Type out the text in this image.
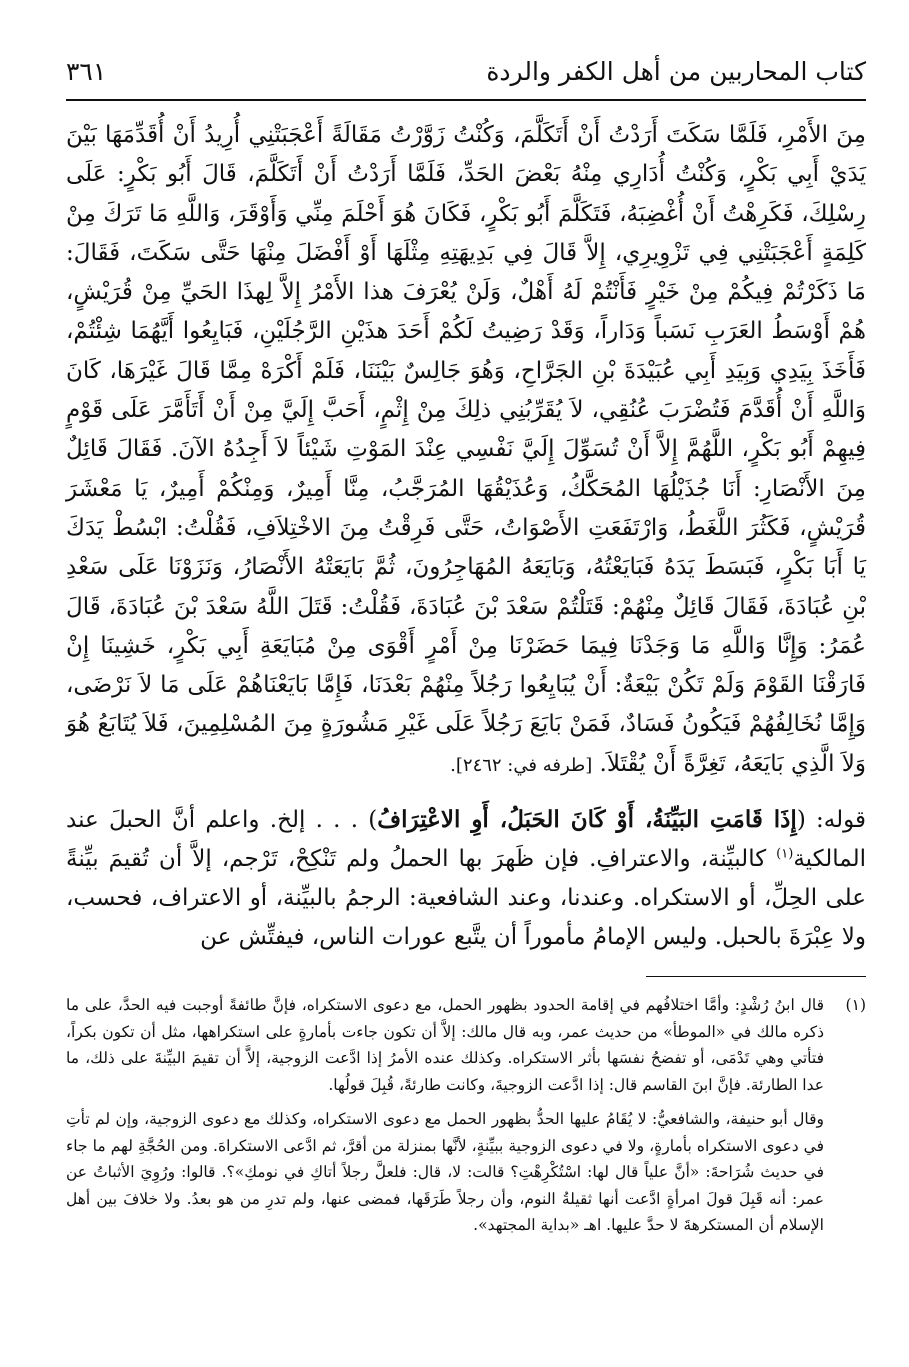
كتاب المحاربين من أهل الكفر والردة
٣٦١

مِنَ الأَمْرِ، فَلَمَّا سَكَتَ أَرَدْتُ أَنْ أَتَكَلَّمَ، وَكُنْتُ زَوَّرْتُ مَقَالَةً أَعْجَبَتْنِي أُرِيدُ أَنْ أُقَدِّمَهَا بَيْنَ يَدَيْ أَبِي بَكْرٍ، وَكُنْتُ أُدَارِي مِنْهُ بَعْضَ الحَدِّ، فَلَمَّا أَرَدْتُ أَنْ أَتَكَلَّمَ، قَالَ أَبُو بَكْرٍ: عَلَى رِسْلِكَ، فَكَرِهْتُ أَنْ أُغْضِبَهُ، فَتَكَلَّمَ أَبُو بَكْرٍ، فَكَانَ هُوَ أَحْلَمَ مِنِّي وَأَوْقَرَ، وَاللَّهِ مَا تَرَكَ مِنْ كَلِمَةٍ أَعْجَبَتْنِي فِي تَزْوِيرِي، إِلاَّ قَالَ فِي بَدِيهَتِهِ مِثْلَهَا أَوْ أَفْضَلَ مِنْهَا حَتَّى سَكَتَ، فَقَالَ: مَا ذَكَرْتُمْ فِيكُمْ مِنْ خَيْرٍ فَأَنْتُمْ لَهُ أَهْلٌ، وَلَنْ يُعْرَفَ هذا الأَمْرُ إِلاَّ لِهذَا الحَيِّ مِنْ قُرَيْشٍ، هُمْ أَوْسَطُ العَرَبِ نَسَباً وَدَاراً، وَقَدْ رَضِيتُ لَكُمْ أَحَدَ هذَيْنِ الرَّجُلَيْنِ، فَبَايِعُوا أَيَّهُمَا شِئْتُمْ، فَأَخَذَ بِيَدِي وَبِيَدِ أَبِي عُبَيْدَةَ بْنِ الجَرَّاحِ، وَهُوَ جَالِسٌ بَيْنَنَا، فَلَمْ أَكْرَهْ مِمَّا قَالَ غَيْرَهَا، كَانَ وَاللَّهِ أَنْ أُقَدَّمَ فَتُضْرَبَ عُنُقِي، لاَ يُقَرِّبُنِي ذلِكَ مِنْ إِثْمٍ، أَحَبَّ إِلَيَّ مِنْ أَنْ أَتَأَمَّرَ عَلَى قَوْمٍ فِيهِمْ أَبُو بَكْرٍ، اللَّهُمَّ إِلاَّ أَنْ تُسَوِّلَ إِلَيَّ نَفْسِي عِنْدَ المَوْتِ شَيْئاً لاَ أَجِدُهُ الآنَ. فَقَالَ قَائِلٌ مِنَ الأَنْصَارِ: أَنَا جُذَيْلُهَا المُحَكَّكُ، وَعُذَيْقُهَا المُرَجَّبُ، مِنَّا أَمِيرٌ، وَمِنْكُمْ أَمِيرٌ، يَا مَعْشَرَ قُرَيْشٍ، فَكَثُرَ اللَّغَطُ، وَارْتَفَعَتِ الأَصْوَاتُ، حَتَّى فَرِقْتُ مِنَ الاخْتِلاَفِ، فَقُلْتُ: ابْسُطْ يَدَكَ يَا أَبَا بَكْرٍ، فَبَسَطَ يَدَهُ فَبَايَعْتُهُ، وَبَايَعَهُ المُهَاجِرُونَ، ثُمَّ بَايَعَتْهُ الأَنْصَارُ، وَنَزَوْنَا عَلَى سَعْدِ بْنِ عُبَادَةَ، فَقَالَ قَائِلٌ مِنْهُمْ: قَتَلْتُمْ سَعْدَ بْنَ عُبَادَةَ، فَقُلْتُ: قَتَلَ اللَّهُ سَعْدَ بْنَ عُبَادَةَ، قَالَ عُمَرُ: وَإِنَّا وَاللَّهِ مَا وَجَدْنَا فِيمَا حَضَرْنَا مِنْ أَمْرٍ أَقْوَى مِنْ مُبَايَعَةِ أَبِي بَكْرٍ، خَشِينَا إِنْ فَارَقْنَا القَوْمَ وَلَمْ تَكُنْ بَيْعَةٌ: أَنْ يُبَايِعُوا رَجُلاً مِنْهُمْ بَعْدَنَا، فَإِمَّا بَايَعْنَاهُمْ عَلَى مَا لاَ نَرْضَى، وَإِمَّا نُخَالِفُهُمْ فَيَكُونُ فَسَادٌ، فَمَنْ بَايَعَ رَجُلاً عَلَى غَيْرِ مَشُورَةٍ مِنَ المُسْلِمِينَ، فَلاَ يُتَابَعُ هُوَ وَلاَ الَّذِي بَايَعَهُ، تَغِرَّةً أَنْ يُقْتَلاَ. [طرفه في: ٢٤٦٢].

قوله: (إِذَا قَامَتِ البَيِّنَةُ، أَوْ كَانَ الحَبَلُ، أَوِ الاعْتِرَافُ) . . . إلخ. واعلم أنَّ الحبلَ عند المالكية$^{(١)}$ كالبيِّنة، والاعترافِ. فإن ظَهرَ بها الحملُ ولم تَنْكِحْ، تَرْجم، إلاَّ أن تُقيمَ بيِّنةً على الحِلِّ، أو الاستكراه. وعندنا، وعند الشافعية: الرجمُ بالبيِّنة، أو الاعتراف، فحسب، ولا عِبْرَةَ بالحبل. وليس الإمامُ مأموراً أن يتَّبع عورات الناس، فيفتِّش عن

(١)

قال ابنُ رُشْدٍ: وأمَّا اختلافُهم في إقامة الحدود بظهور الحمل، مع دعوى الاستكراه، فإنَّ طائفةً أوجبت فيه الحدَّ، على ما ذكره مالك في «الموطأ» من حديث عمر، وبه قال مالك: إلاَّ أن تكون جاءت بأمارةٍ على استكراهها، مثل أن تكون بكراً، فتأتي وهي تَدْمَى، أو تفضحُ نفسَها بأثر الاستكراه. وكذلك عنده الأمرُ إذا ادَّعت الزوجية، إلاَّ أن تقيمَ البيِّنةَ على ذلك، ما عدا الطارئة. فإنَّ ابنَ القاسم قال: إذا ادَّعت الزوجيةَ، وكانت طارئةً، قُبِلَ قولُها.

وقال أبو حنيفة، والشافعيُّ: لا يُقَامُ عليها الحدُّ بظهور الحمل مع دعوى الاستكراه، وكذلك مع دعوى الزوجية، وإن لم تأتِ في دعوى الاستكراه بأمارةٍ، ولا في دعوى الزوجية ببيِّنةٍ، لأنَّها بمنزلة من أقرَّ، ثم ادَّعى الاستكراهَ. ومن الحُجَّةِ لهم ما جاء في حديث شُرَاحةَ: «أنَّ علياً قال لها: اسْتُكْرِهْتِ؟ قالت: لا، قال: فلعلَّ رجلاً أتاكِ في نومكِ»؟. قالوا: ورُوِيَ الأثباتُ عن عمر: أنه قَبِلَ قولَ امرأةٍ ادَّعت أنها ثقيلةُ النوم، وأن رجلاً طَرَقَها، فمضى عنها، ولم تدرِ من هو بعدُ. ولا خلافَ بين أهل الإسلام أن المستكرهةَ لا حدَّ عليها. اهـ «بداية المجتهد».
